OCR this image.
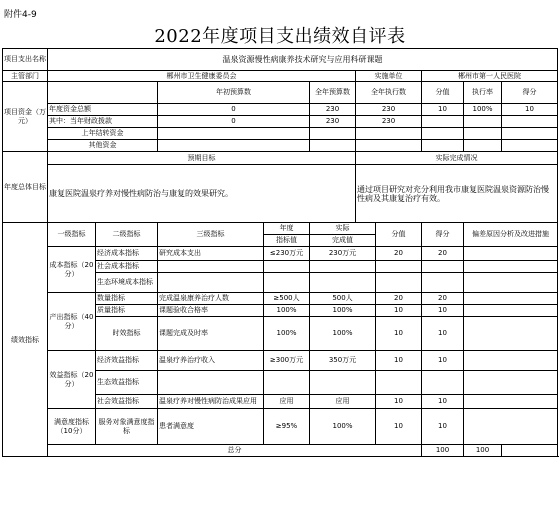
附件4-9
2022年度项目支出绩效自评表
项目支出名称	温泉资源慢性病康养技术研究与应用科研课题									
主管部门	郴州市卫生健康委员会					实施单位		郴州市第一人民医院		
项目资金（万元）			年初预算数		全年预算数	全年执行数		分值	执行率	得分
	年度资金总额		0		230	230		10	100%	10
	其中：当年财政拨款		0		230	230				
	上年结转资金									
	其他资金									
年度总体目标	预期目标					实际完成情况				
	康复医院温泉疗养对慢性病防治与康复的效果研究。					通过项目研究对充分利用我市康复医院温泉资源防治慢性病及其康复治疗有效。				
绩效指标	一级指标	二级指标	三级指标	年度	实际		分值	得分	偏差原因分析及改进措施	
				指标值	完成值					
	成本指标（20分）	经济成本指标	研究成本支出	≤230万元	230万元		20	20		
		社会成本指标								
		生态环境成本指标								
	产出指标（40分）	数量指标	完成温泉康养治疗人数	≥500人	500人		20	20		
		质量指标	课题验收合格率	100%	100%		10	10		
		时效指标	课题完成及时率	100%	100%		10	10		
	效益指标（20分）	经济效益指标	温泉疗养治疗收入	≥300万元	350万元		10	10		
		生态效益指标								
		社会效益指标	温泉疗养对慢性病防治成果应用	应用	应用		10	10		
	满意度指标（10分）	服务对象满意度指标	患者满意度	≥95%	100%		10	10		
	总分							100	100	
